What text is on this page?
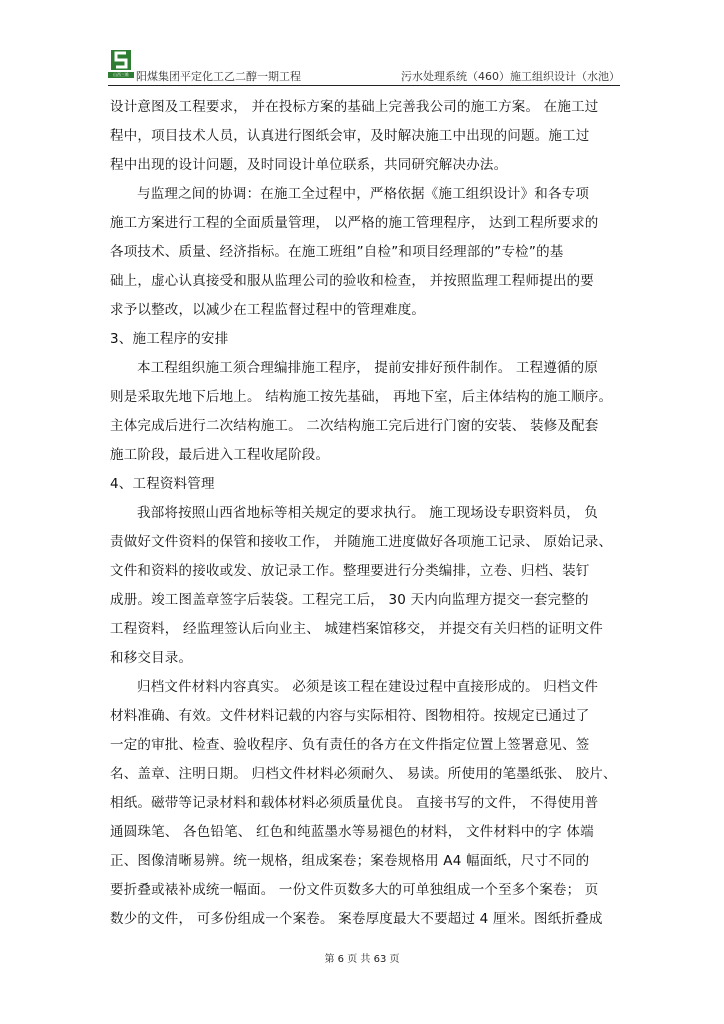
山西三维 阳煤集团平定化工乙二醇一期工程	污水处理系统（460）施工组织设计（水池）
设计意图及工程要求， 并在投标方案的基础上完善我公司的施工方案。 在施工过
程中，项目技术人员，认真进行图纸会审，及时解决施工中出现的问题。施工过
程中出现的设计问题，及时同设计单位联系，共同研究解决办法。
与监理之间的协调：在施工全过程中，严格依据《施工组织设计》和各专项
施工方案进行工程的全面质量管理， 以严格的施工管理程序， 达到工程所要求的
各项技术、质量、经济指标。在施工班组”自检”和项目经理部的”专检”的基
础上，虚心认真接受和服从监理公司的验收和检查， 并按照监理工程师提出的要
求予以整改，以减少在工程监督过程中的管理难度。
3、施工程序的安排
本工程组织施工须合理编排施工程序， 提前安排好预件制作。 工程遵循的原
则是采取先地下后地上。 结构施工按先基础， 再地下室，后主体结构的施工顺序。
主体完成后进行二次结构施工。 二次结构施工完后进行门窗的安装、 装修及配套
施工阶段，最后进入工程收尾阶段。
4、工程资料管理
我部将按照山西省地标等相关规定的要求执行。 施工现场设专职资料员， 负
责做好文件资料的保管和接收工作， 并随施工进度做好各项施工记录、 原始记录、
文件和资料的接收或发、放记录工作。整理要进行分类编排，立卷、归档、装钉
成册。竣工图盖章签字后装袋。工程完工后， 30 天内向监理方提交一套完整的
工程资料， 经监理签认后向业主、 城建档案馆移交， 并提交有关归档的证明文件
和移交目录。
归档文件材料内容真实。 必须是该工程在建设过程中直接形成的。 归档文件
材料准确、有效。文件材料记载的内容与实际相符、图物相符。按规定已通过了
一定的审批、检查、验收程序、负有责任的各方在文件指定位置上签署意见、签
名、盖章、注明日期。 归档文件材料必须耐久、 易读。所使用的笔墨纸张、 胶片、
相纸。磁带等记录材料和载体材料必须质量优良。 直接书写的文件， 不得使用普
通圆珠笔、 各色铅笔、 红色和纯蓝墨水等易褪色的材料， 文件材料中的字 体端
正、图像清晰易辨。统一规格，组成案卷；案卷规格用 A4 幅面纸，尺寸不同的
要折叠或裱补成统一幅面。 一份文件页数多大的可单独组成一个至多个案卷； 页
数少的文件， 可多份组成一个案卷。 案卷厚度最大不要超过 4 厘米。图纸折叠成
第 6 页 共 63 页
